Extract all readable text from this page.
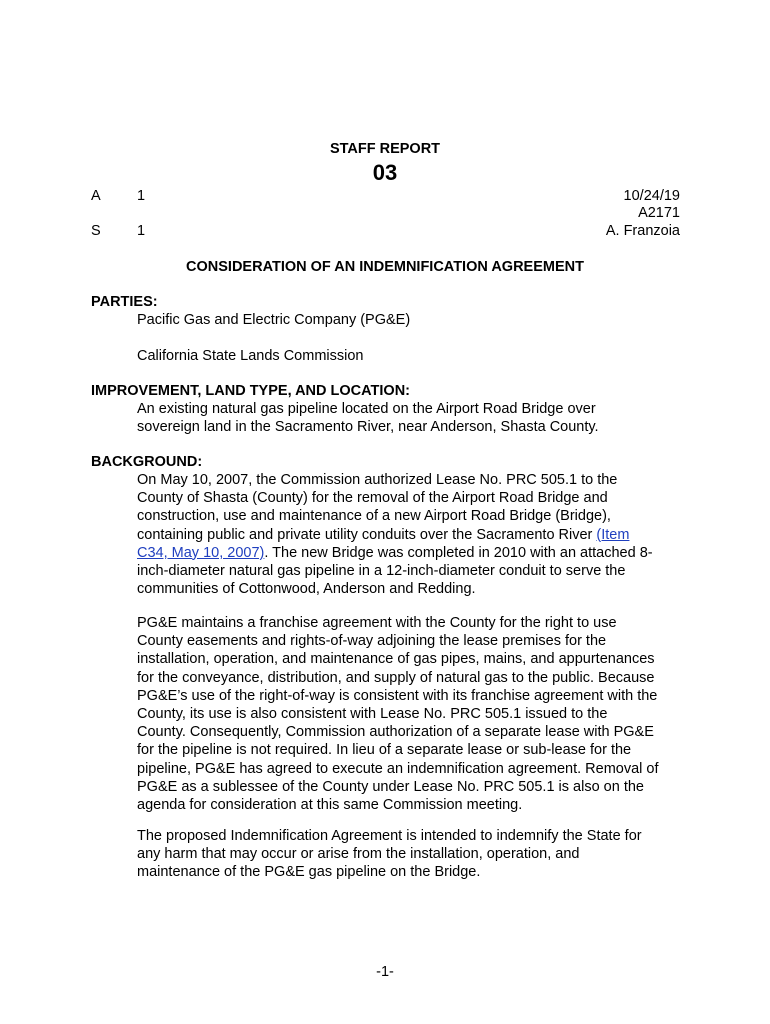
STAFF REPORT
03
A	1
S	1
10/24/19
A2171
A. Franzoia
CONSIDERATION OF AN INDEMNIFICATION AGREEMENT
PARTIES:
Pacific Gas and Electric Company (PG&E)
California State Lands Commission
IMPROVEMENT, LAND TYPE, AND LOCATION:
An existing natural gas pipeline located on the Airport Road Bridge over
sovereign land in the Sacramento River, near Anderson, Shasta County.
BACKGROUND:
On May 10, 2007, the Commission authorized Lease No. PRC 505.1 to the
County of Shasta (County) for the removal of the Airport Road Bridge and
construction, use and maintenance of a new Airport Road Bridge (Bridge),
containing public and private utility conduits over the Sacramento River (Item
C34, May 10, 2007). The new Bridge was completed in 2010 with an attached 8-
inch-diameter natural gas pipeline in a 12-inch-diameter conduit to serve the
communities of Cottonwood, Anderson and Redding.
PG&E maintains a franchise agreement with the County for the right to use
County easements and rights-of-way adjoining the lease premises for the
installation, operation, and maintenance of gas pipes, mains, and appurtenances
for the conveyance, distribution, and supply of natural gas to the public. Because
PG&E’s use of the right-of-way is consistent with its franchise agreement with the
County, its use is also consistent with Lease No. PRC 505.1 issued to the
County. Consequently, Commission authorization of a separate lease with PG&E
for the pipeline is not required. In lieu of a separate lease or sub-lease for the
pipeline, PG&E has agreed to execute an indemnification agreement. Removal of
PG&E as a sublessee of the County under Lease No. PRC 505.1 is also on the
agenda for consideration at this same Commission meeting.
The proposed Indemnification Agreement is intended to indemnify the State for
any harm that may occur or arise from the installation, operation, and
maintenance of the PG&E gas pipeline on the Bridge.
-1-
